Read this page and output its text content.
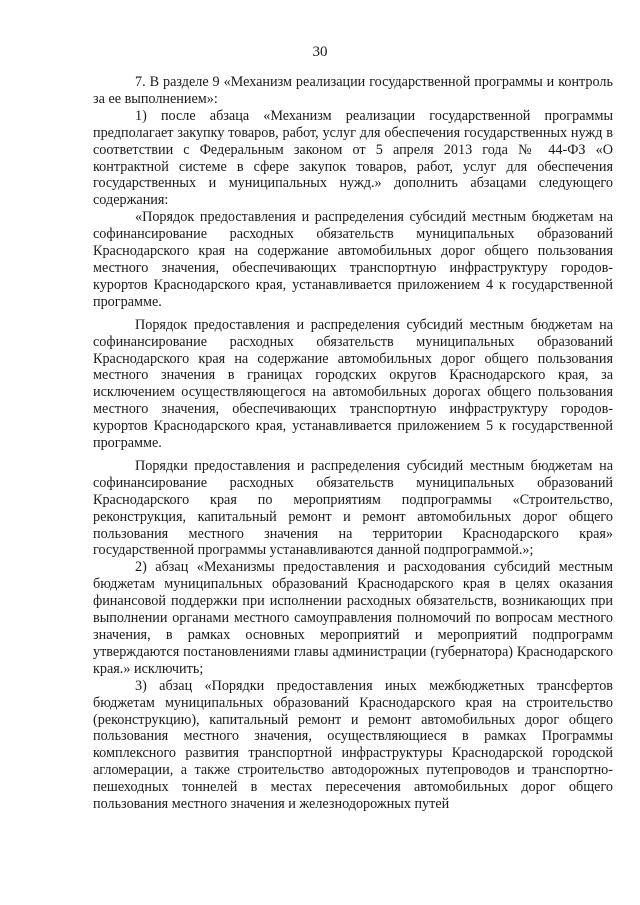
30

7. В разделе 9 «Механизм реализации государственной программы и контроль за ее выполнением»:

1) после абзаца «Механизм реализации государственной программы предполагает закупку товаров, работ, услуг для обеспечения государственных нужд в соответствии с Федеральным законом от 5 апреля 2013 года № 44-ФЗ «О контрактной системе в сфере закупок товаров, работ, услуг для обеспечения государственных и муниципальных нужд.» дополнить абзацами следующего содержания:

«Порядок предоставления и распределения субсидий местным бюджетам на софинансирование расходных обязательств муниципальных образований Краснодарского края на содержание автомобильных дорог общего пользования местного значения, обеспечивающих транспортную инфраструктуру городов-курортов Краснодарского края, устанавливается приложением 4 к государственной программе.

Порядок предоставления и распределения субсидий местным бюджетам на софинансирование расходных обязательств муниципальных образований Краснодарского края на содержание автомобильных дорог общего пользования местного значения в границах городских округов Краснодарского края, за исключением осуществляющегося на автомобильных дорогах общего пользования местного значения, обеспечивающих транспортную инфраструктуру городов-курортов Краснодарского края, устанавливается приложением 5 к государственной программе.

Порядки предоставления и распределения субсидий местным бюджетам на софинансирование расходных обязательств муниципальных образований Краснодарского края по мероприятиям подпрограммы «Строительство, реконструкция, капитальный ремонт и ремонт автомобильных дорог общего пользования местного значения на территории Краснодарского края» государственной программы устанавливаются данной подпрограммой.»;

2) абзац «Механизмы предоставления и расходования субсидий местным бюджетам муниципальных образований Краснодарского края в целях оказания финансовой поддержки при исполнении расходных обязательств, возникающих при выполнении органами местного самоуправления полномочий по вопросам местного значения, в рамках основных мероприятий и мероприятий подпрограмм утверждаются постановлениями главы администрации (губернатора) Краснодарского края.» исключить;

3) абзац «Порядки предоставления иных межбюджетных трансфертов бюджетам муниципальных образований Краснодарского края на строительство (реконструкцию), капитальный ремонт и ремонт автомобильных дорог общего пользования местного значения, осуществляющиеся в рамках Программы комплексного развития транспортной инфраструктуры Краснодарской городской агломерации, а также строительство автодорожных путепроводов и транспортно-пешеходных тоннелей в местах пересечения автомобильных дорог общего пользования местного значения и железнодорожных путей
